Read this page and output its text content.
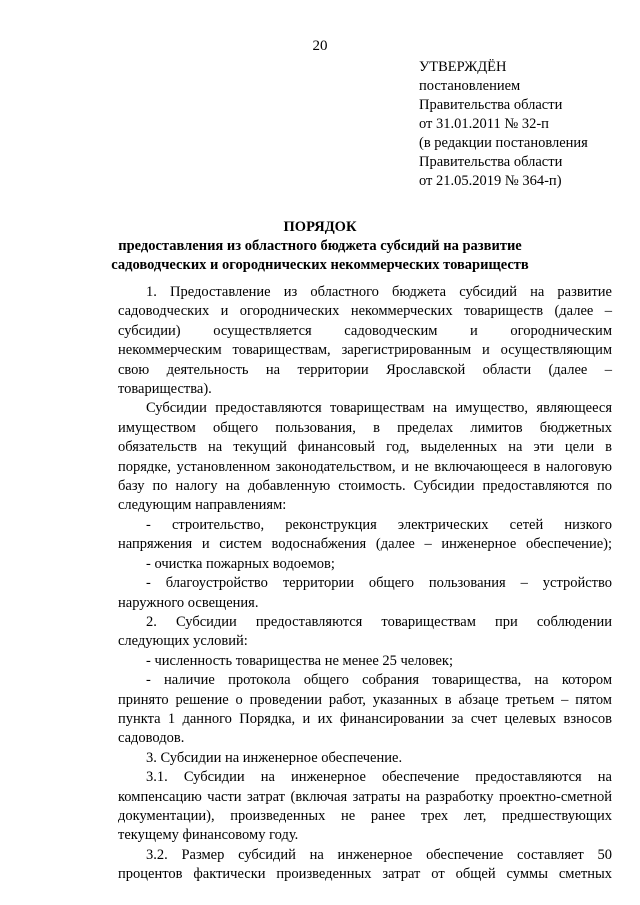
20
УТВЕРЖДЁН
постановлением
Правительства области
от 31.01.2011 № 32-п
(в редакции постановления
Правительства области
от 21.05.2019 № 364-п)
ПОРЯДОК
предоставления из областного бюджета субсидий на развитие
садоводческих и огороднических некоммерческих товариществ
1. Предоставление из областного бюджета субсидий на развитие
садоводческих и огороднических некоммерческих товариществ (далее –
субсидии) осуществляется садоводческим и огородническим
некоммерческим товариществам, зарегистрированным и осуществляющим
свою деятельность на территории Ярославской области (далее –
товарищества).
Субсидии предоставляются товариществам на имущество, являющееся
имуществом общего пользования, в пределах лимитов бюджетных
обязательств на текущий финансовый год, выделенных на эти цели в
порядке, установленном законодательством, и не включающееся в налоговую
базу по налогу на добавленную стоимость. Субсидии предоставляются по
следующим направлениям:
- строительство, реконструкция электрических сетей низкого
напряжения и систем водоснабжения (далее – инженерное обеспечение);
- очистка пожарных водоемов;
- благоустройство территории общего пользования – устройство
наружного освещения.
2. Субсидии предоставляются товариществам при соблюдении
следующих условий:
- численность товарищества не менее 25 человек;
- наличие протокола общего собрания товарищества, на котором
принято решение о проведении работ, указанных в абзаце третьем – пятом
пункта 1 данного Порядка, и их финансировании за счет целевых взносов
садоводов.
3. Субсидии на инженерное обеспечение.
3.1. Субсидии на инженерное обеспечение предоставляются на
компенсацию части затрат (включая затраты на разработку проектно-сметной
документации), произведенных не ранее трех лет, предшествующих
текущему финансовому году.
3.2. Размер субсидий на инженерное обеспечение составляет 50
процентов фактически произведенных затрат от общей суммы сметных
